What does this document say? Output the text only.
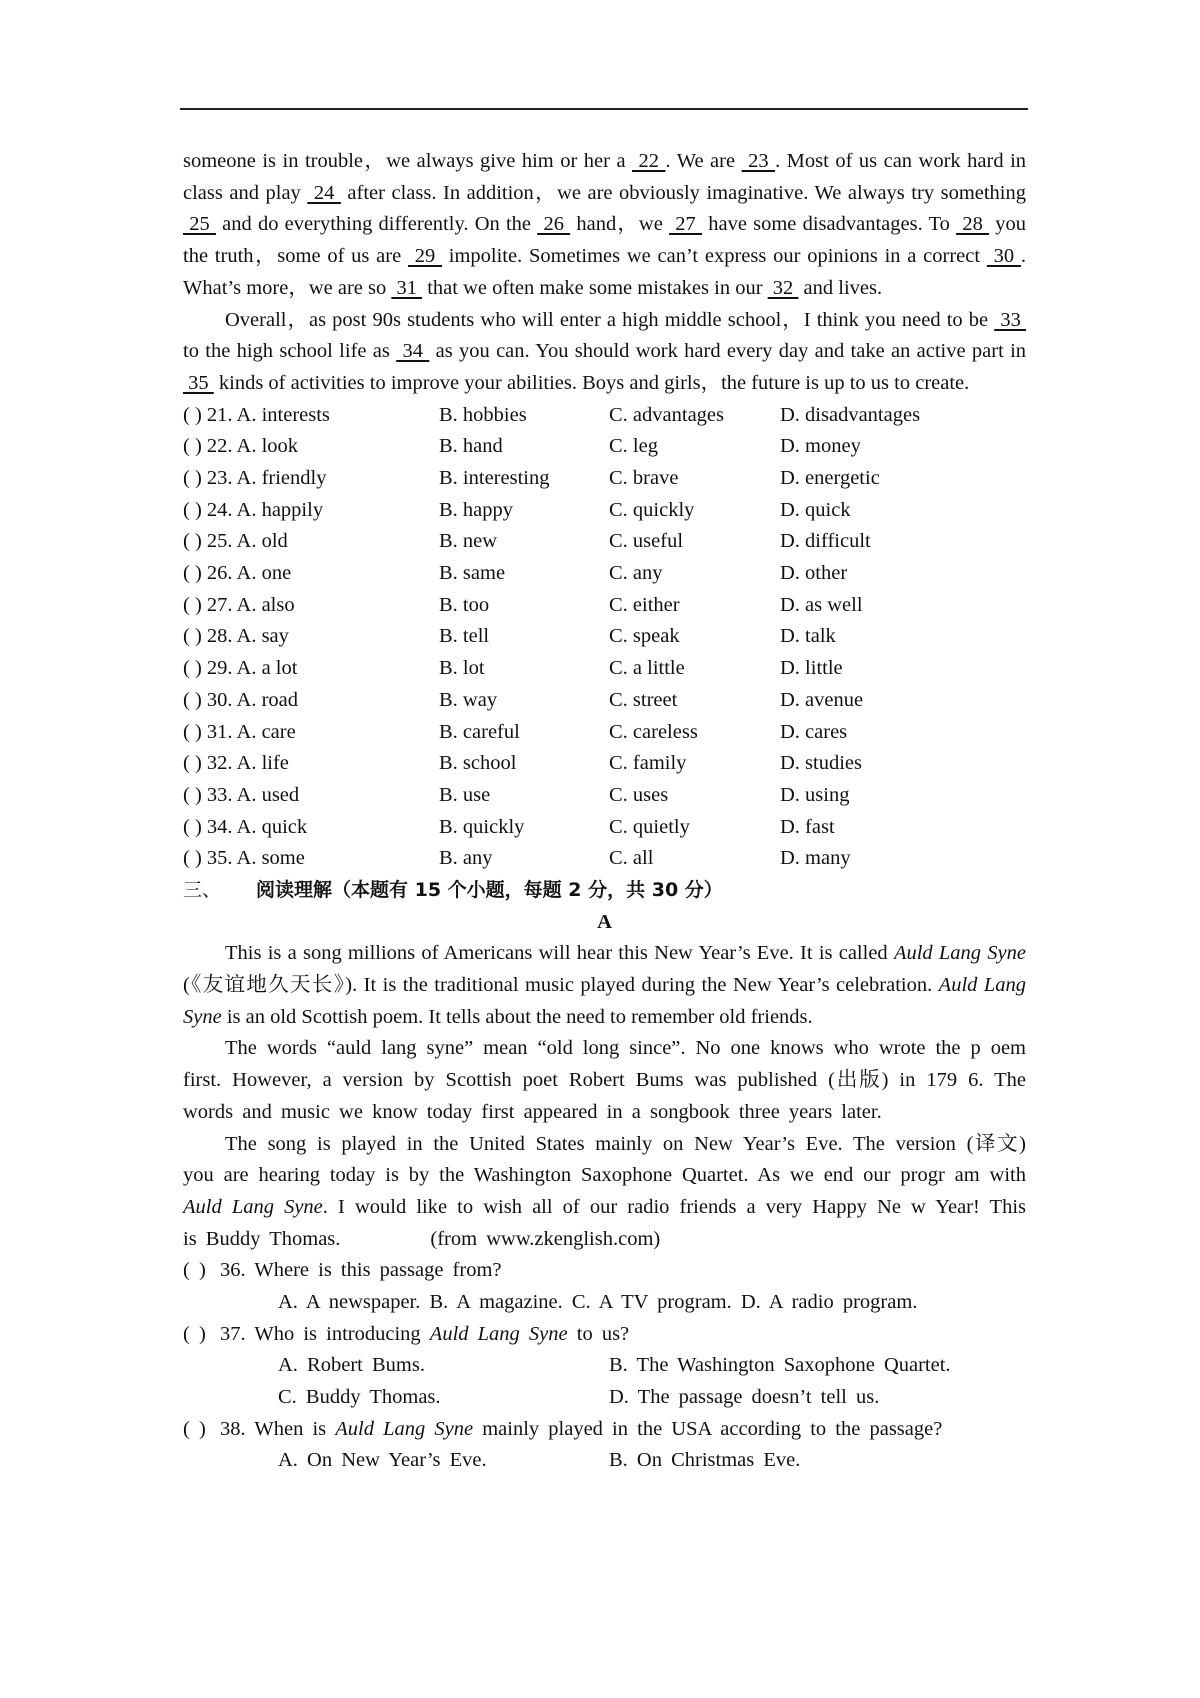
someone is in trouble，we always give him or her a  22 . We are  23 . Most of us can work hard in class and play  24  after class. In addition，we are obviously imaginative. We always try something  25  and do everything differently. On the  26  hand，we  27  have some disadvantages. To  28  you the truth，some of us are  29  impolite. Sometimes we can’t express our opinions in a correct  30 . What’s more，we are so  31  that we often make some mistakes in our  32  and lives.

Overall，as post 90s students who will enter a high middle school，I think you need to be  33  to the high school life as  34  as you can. You should work hard every day and take an active part in  35  kinds of activities to improve your abilities. Boys and girls，the future is up to us to create.

( ) 21. A. interests	B. hobbies	C. advantages	D. disadvantages
( ) 22. A. look	B. hand	C. leg	D. money
( ) 23. A. friendly	B. interesting	C. brave	D. energetic
( ) 24. A. happily	B. happy	C. quickly	D. quick
( ) 25. A. old	B. new	C. useful	D. difficult
( ) 26. A. one	B. same	C. any	D. other
( ) 27. A. also	B. too	C. either	D. as well
( ) 28. A. say	B. tell	C. speak	D. talk
( ) 29. A. a lot	B. lot	C. a little	D. little
( ) 30. A. road	B. way	C. street	D. avenue
( ) 31. A. care	B. careful	C. careless	D. cares
( ) 32. A. life	B. school	C. family	D. studies
( ) 33. A. used	B. use	C. uses	D. using
( ) 34. A. quick	B. quickly	C. quietly	D. fast
( ) 35. A. some	B. any	C. all	D. many
三、 阅读理解（本题有 15 个小题，每题 2 分，共 30 分）
A

This is a song millions of Americans will hear this New Year’s Eve. It is called Auld Lang Syne (《友谊地久天长》). It is the traditional music played during the New Year’s celebration. Auld Lang Syne is an old Scottish poem. It tells about the need to remember old friends.

The words “auld lang syne” mean “old long since”. No one knows who wrote the p oem first. However, a version by Scottish poet Robert Bums was published (出版) in 179 6. The words and music we know today first appeared in a songbook three years later.

The song is played in the United States mainly on New Year’s Eve. The version (译文) you are hearing today is by the Washington Saxophone Quartet. As we end our progr am with Auld Lang Syne. I would like to wish all of our radio friends a very Happy Ne w Year! This is Buddy Thomas.	(from www.zkenglish.com)

( ) 36. Where is this passage from?
A. A newspaper. B. A magazine. C. A TV program. D. A radio program.
( ) 37. Who is introducing Auld Lang Syne to us?
A. Robert Bums.	B. The Washington Saxophone Quartet.
C. Buddy Thomas.	D. The passage doesn’t tell us.
( ) 38. When is Auld Lang Syne mainly played in the USA according to the passage?
A. On New Year’s Eve.	B. On Christmas Eve.
